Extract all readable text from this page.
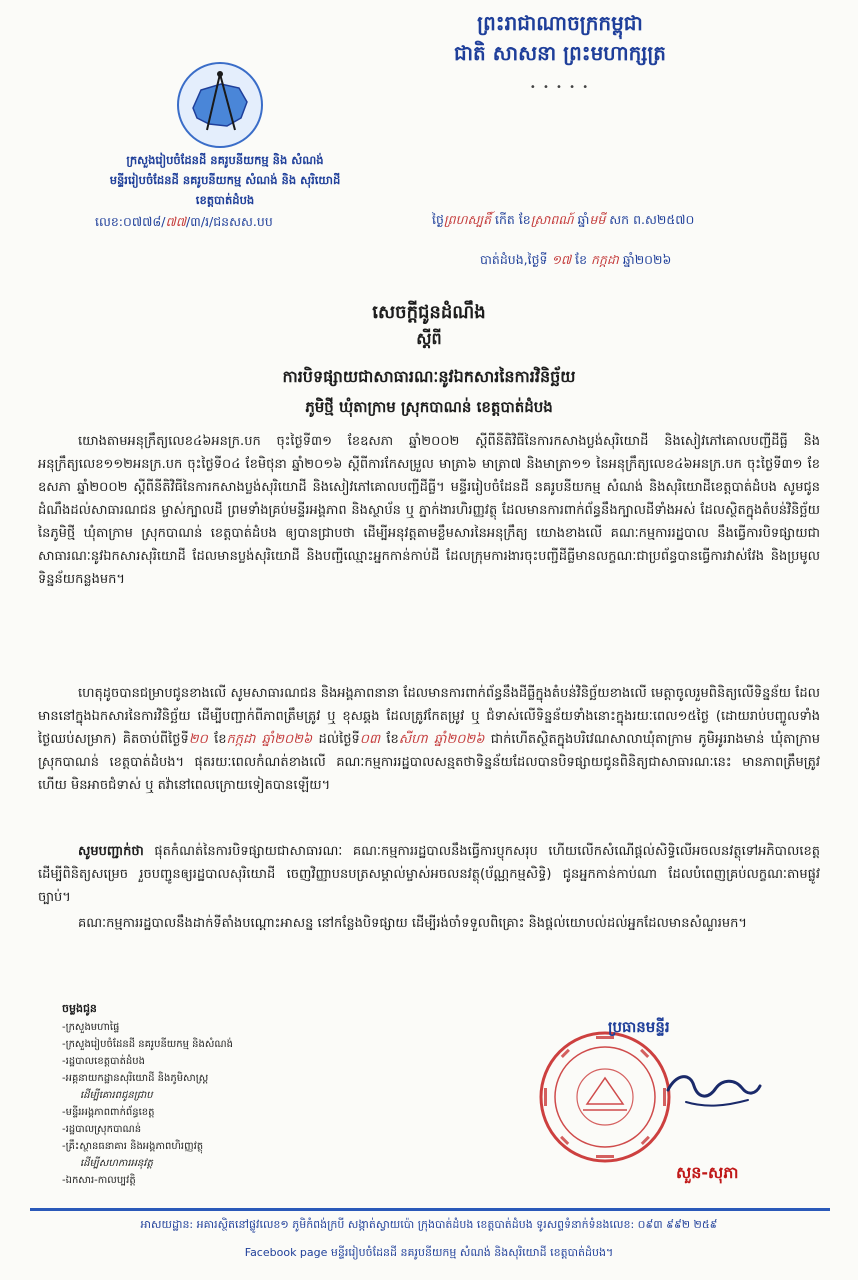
ព្រះរាជាណាចក្រកម្ពុជា
ជាតិ សាសនា ព្រះមហាក្សត្រ
• • • • •
ក្រសួងរៀបចំដែនដី នគរូបនីយកម្ម និង សំណង់
មន្ទីររៀបចំដែនដី នគរូបនីយកម្ម សំណង់ និង សុរិយោដី
ខេត្តបាត់ដំបង
លេខ:០៧៧៨/៧៧/៣/រ/ជនសស.បប	ថ្ងៃព្រហស្បតិ៍ កើត ខែស្រាពណ៍ ឆ្នាំមមី សក ព.ស២៥៧០
បាត់ដំបង,ថ្ងៃទី ១៧ ខែ កក្កដា ឆ្នាំ២០២៦
សេចក្តីជូនដំណឹង
ស្តីពី
ការបិទផ្សាយជាសាធារណៈនូវឯកសារនៃការវិនិច្ឆ័យ
ភូមិថ្មី ឃុំតាក្រាម ស្រុកបាណន់ ខេត្តបាត់ដំបង

យោងតាមអនុក្រឹត្យលេខ៤៦អនក្រ.បក ចុះថ្ងៃទី៣១ ខែឧសភា ឆ្នាំ២០០២ ស្តីពីនីតិវិធីនៃការកសាងប្លង់សុរិយោដី និងសៀវភៅគោលបញ្ជីដីធ្លី និងអនុក្រឹត្យលេខ១១២អនក្រ.បក ចុះថ្ងៃទី០៤ ខែមិថុនា ឆ្នាំ២០១៦ ស្តីពីការកែសម្រួល មាត្រា៦ មាត្រា៧ និងមាត្រា១១ នៃអនុក្រឹត្យលេខ៤៦អនក្រ.បក ចុះថ្ងៃទី៣១ ខែឧសភា ឆ្នាំ២០០២ ស្តីពីនីតិវិធីនៃការកសាងប្លង់សុរិយោដី និងសៀវភៅគោលបញ្ជីដីធ្លី។ មន្ទីររៀបចំដែនដី នគរូបនីយកម្ម សំណង់ និងសុរិយោដីខេត្តបាត់ដំបង សូមជូនដំណឹងដល់សាធារណជន ម្ចាស់ក្បាលដី ព្រមទាំងគ្រប់មន្ទីរអង្គភាព និងស្ថាប័ន ឬ ភ្នាក់ងារហិរញ្ញវត្ថុ ដែលមានការពាក់ព័ន្ធនឹងក្បាលដីទាំងអស់ ដែលស្ថិតក្នុងតំបន់វិនិច្ឆ័យនៃភូមិថ្មី ឃុំតាក្រាម ស្រុកបាណន់ ខេត្តបាត់ដំបង ឲ្យបានជ្រាបថា ដើម្បីអនុវត្តតាមខ្លឹមសារនៃអនុក្រឹត្យ យោងខាងលើ គណៈកម្មការរដ្ឋបាល នឹងធ្វើការបិទផ្សាយជាសាធារណៈនូវឯកសារសុរិយោដី ដែលមានប្លង់សុរិយោដី និងបញ្ជីឈ្មោះអ្នកកាន់កាប់ដី ដែលក្រុមការងារចុះបញ្ជីដីធ្លីមានលក្ខណៈជាប្រព័ន្ធបានធ្វើការវាស់វែង និងប្រមូលទិន្នន័យកន្លងមក។

ហេតុដូចបានជម្រាបជូនខាងលើ សូមសាធារណជន និងអង្គភាពនានា ដែលមានការពាក់ព័ន្ធនឹងដីធ្លីក្នុងតំបន់វិនិច្ឆ័យខាងលើ មេត្តាចូលរួមពិនិត្យលើទិន្នន័យ ដែលមាននៅក្នុងឯកសារនៃការវិនិច្ឆ័យ ដើម្បីបញ្ជាក់ពីភាពត្រឹមត្រូវ ឬ ខុសឆ្គង ដែលត្រូវកែតម្រូវ ឬ ជំទាស់លើទិន្នន័យទាំងនោះក្នុងរយៈពេល១៥ថ្ងៃ (ដោយរាប់បញ្ចូលទាំងថ្ងៃឈប់សម្រាក) គិតចាប់ពីថ្ងៃទី២០ ខែកក្កដា ឆ្នាំ២០២៦ ដល់ថ្ងៃទី០៣ ខែសីហា ឆ្នាំ២០២៦ ជាក់ហើតស្ថិតក្នុងបរិវេណសាលាឃុំតាក្រាម ភូមិអូររាងមាន់ ឃុំតាក្រាម ស្រុកបាណន់ ខេត្តបាត់ដំបង។ ផុតរយៈពេលកំណត់ខាងលើ គណៈកម្មការរដ្ឋបាលសន្មតថាទិន្នន័យដែលបានបិទផ្សាយជូនពិនិត្យជាសាធារណៈនេះ មានភាពត្រឹមត្រូវហើយ មិនអាចជំទាស់ ឬ តវ៉ានៅពេលក្រោយទៀតបានឡើយ។

សូមបញ្ជាក់ថា ផុតកំណត់នៃការបិទផ្សាយជាសាធារណៈ គណៈកម្មការរដ្ឋបាលនឹងធ្វើការប្ញុកសរុប ហើយលើកសំណើផ្តល់សិទ្ធិលើអចលនវត្ថុទៅអភិបាលខេត្ត ដើម្បីពិនិត្យសម្រេច រួចបញ្ជូនឲ្យរដ្ឋបាលសុរិយោដី ចេញវិញ្ញាបនបត្រសម្គាល់ម្ចាស់អចលនវត្ថុ(ប័ណ្ណកម្មសិទ្ធិ) ជូនអ្នកកាន់កាប់ណា ដែលបំពេញគ្រប់លក្ខណៈតាមផ្លូវច្បាប់។

គណៈកម្មការរដ្ឋបាលនឹងដាក់ទីតាំងបណ្តោះអាសន្ន នៅកន្លែងបិទផ្សាយ ដើម្បីរង់ចាំទទួលពិគ្រោះ និងផ្តល់យោបល់ដល់អ្នកដែលមានសំណួរមក។

ចម្លងជូន
-ក្រសួងមហាផ្ទៃ
-ក្រសួងរៀបចំដែនដី នគរូបនីយកម្ម និងសំណង់
-រដ្ឋបាលខេត្តបាត់ដំបង
-អគ្គនាយកដ្ឋានសុរិយោដី និងភូមិសាស្ត្រ
ដើម្បីគោរពជូនជ្រាប
-មន្ទីរអង្គភាពពាក់ព័ន្ធខេត្ត
-រដ្ឋបាលស្រុកបាណន់
-គ្រឹះស្ថានធនាគារ និងអង្គភាពហិរញ្ញវត្ថុ
ដើម្បីសហការអនុវត្ត
-ឯកសារ-កាលប្បវត្តិ
ប្រធានមន្ទីរ
សួន-សុភា
អាសយដ្ឋាន: អគារស្ថិតនៅផ្លូវលេខ១ ភូមិកំពង់ក្របី សង្កាត់ស្វាយប៉ោ ក្រុងបាត់ដំបង ខេត្តបាត់ដំបង ទូរសព្ទទំនាក់ទំនងលេខ: ០៩៣ ៩៩២ ២៥៩
Facebook page មន្ទីររៀបចំដែនដី នគរូបនីយកម្ម សំណង់ និងសុរិយោដី ខេត្តបាត់ដំបង។
